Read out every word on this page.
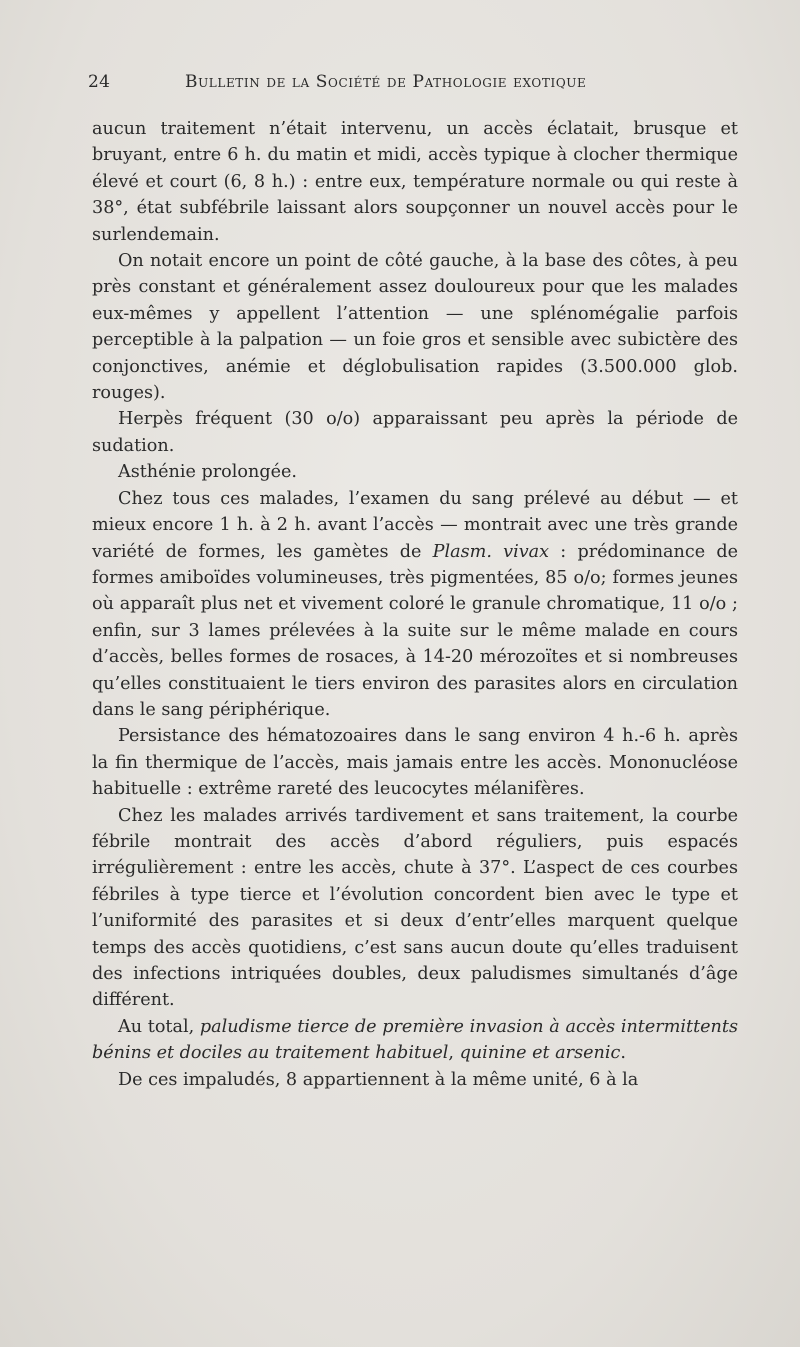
24	Bulletin de la Société de Pathologie exotique

aucun traitement n’était intervenu, un accès éclatait, brusque et bruyant, entre 6 h. du matin et midi, accès typique à clocher thermique élevé et court (6, 8 h.) : entre eux, température normale ou qui reste à 38°, état subfébrile laissant alors soupçonner un nouvel accès pour le surlendemain.

On notait encore un point de côté gauche, à la base des côtes, à peu près constant et généralement assez douloureux pour que les malades eux-mêmes y appellent l’attention — une splénomégalie parfois perceptible à la palpation — un foie gros et sensible avec subictère des conjonctives, anémie et déglobulisation rapides (3.500.000 glob. rouges).

Herpès fréquent (30 o/o) apparaissant peu après la période de sudation.

Asthénie prolongée.

Chez tous ces malades, l’examen du sang prélevé au début — et mieux encore 1 h. à 2 h. avant l’accès — montrait avec une très grande variété de formes, les gamètes de Plasm. vivax : prédominance de formes amiboïdes volumineuses, très pigmentées, 85 o/o; formes jeunes où apparaît plus net et vivement coloré le granule chromatique, 11 o/o ; enfin, sur 3 lames prélevées à la suite sur le même malade en cours d’accès, belles formes de rosaces, à 14-20 mérozoïtes et si nombreuses qu’elles constituaient le tiers environ des parasites alors en circulation dans le sang périphérique.

Persistance des hématozoaires dans le sang environ 4 h.-6 h. après la fin thermique de l’accès, mais jamais entre les accès. Mononucléose habituelle : extrême rareté des leucocytes mélanifères.

Chez les malades arrivés tardivement et sans traitement, la courbe fébrile montrait des accès d’abord réguliers, puis espacés irrégulièrement : entre les accès, chute à 37°. L’aspect de ces courbes fébriles à type tierce et l’évolution concordent bien avec le type et l’uniformité des parasites et si deux d’entr’elles marquent quelque temps des accès quotidiens, c’est sans aucun doute qu’elles traduisent des infections intriquées doubles, deux paludismes simultanés d’âge différent.

Au total, paludisme tierce de première invasion à accès intermittents bénins et dociles au traitement habituel, quinine et arsenic.

De ces impaludés, 8 appartiennent à la même unité, 6 à la
